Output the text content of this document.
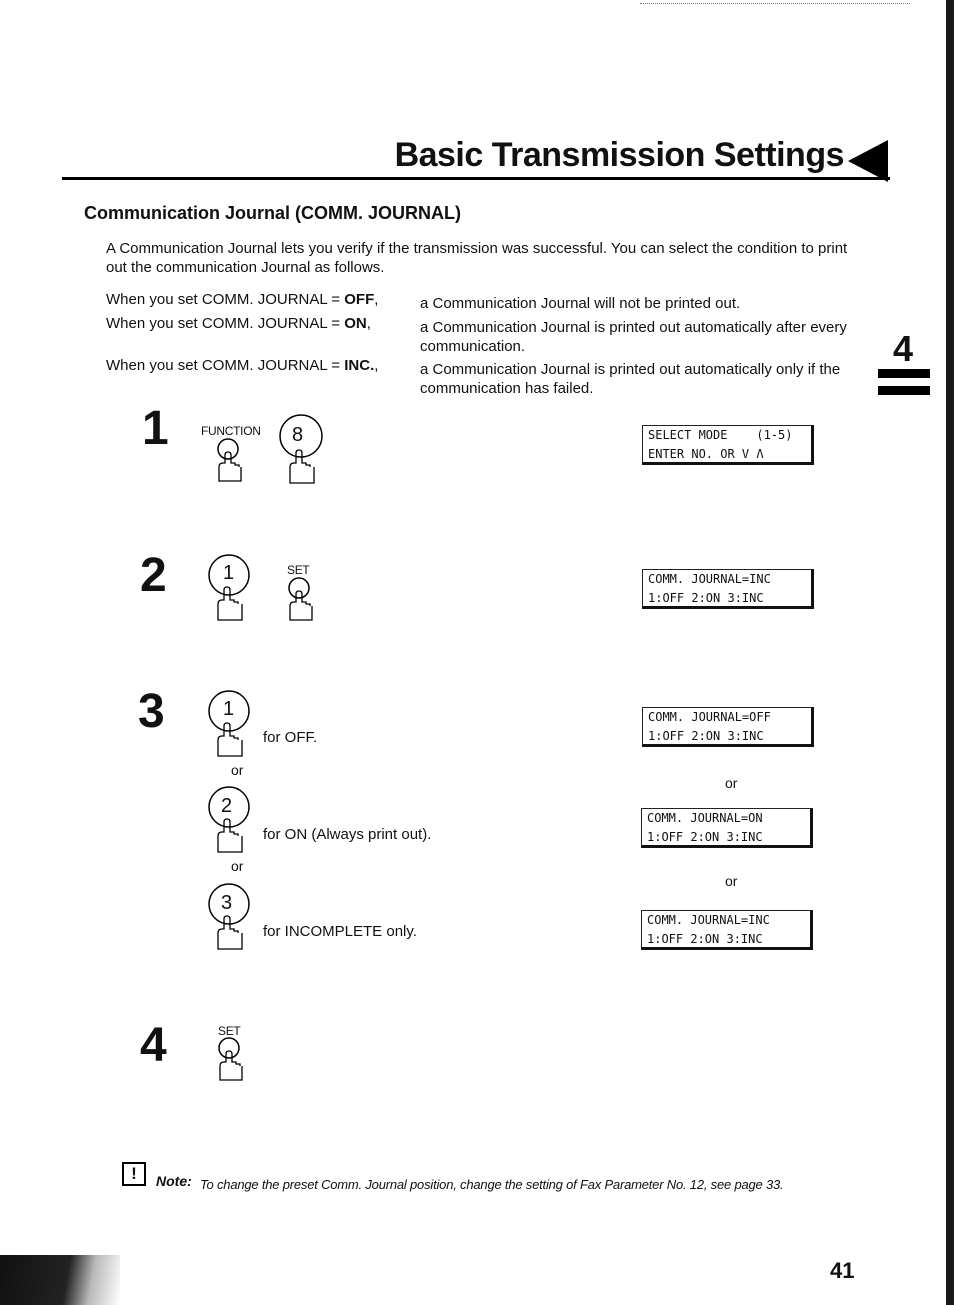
Basic Transmission Settings
Communication Journal (COMM. JOURNAL)
A Communication Journal lets you verify if the transmission was successful. You can select the condition to print out the communication Journal as follows.
When you set COMM. JOURNAL = OFF,	a Communication Journal will not be printed out.
When you set COMM. JOURNAL = ON,	a Communication Journal is printed out automatically after every communication.
When you set COMM. JOURNAL = INC.,	a Communication Journal is printed out automatically only if the communication has failed.
4
1	FUNCTION 8	SELECT MODE    (1-5)
ENTER NO. OR V Λ
2	1	SET
COMM. JOURNAL=INC
1:OFF 2:ON 3:INC
3	1
for OFF.
or
2
for ON (Always print out).
or
3
for INCOMPLETE only.
COMM. JOURNAL=OFF
1:OFF 2:ON 3:INC
or
COMM. JOURNAL=ON
1:OFF 2:ON 3:INC
or
COMM. JOURNAL=INC
1:OFF 2:ON 3:INC
4	SET
!	Note: To change the preset Comm. Journal position, change the setting of Fax Parameter No. 12, see page 33.
41
